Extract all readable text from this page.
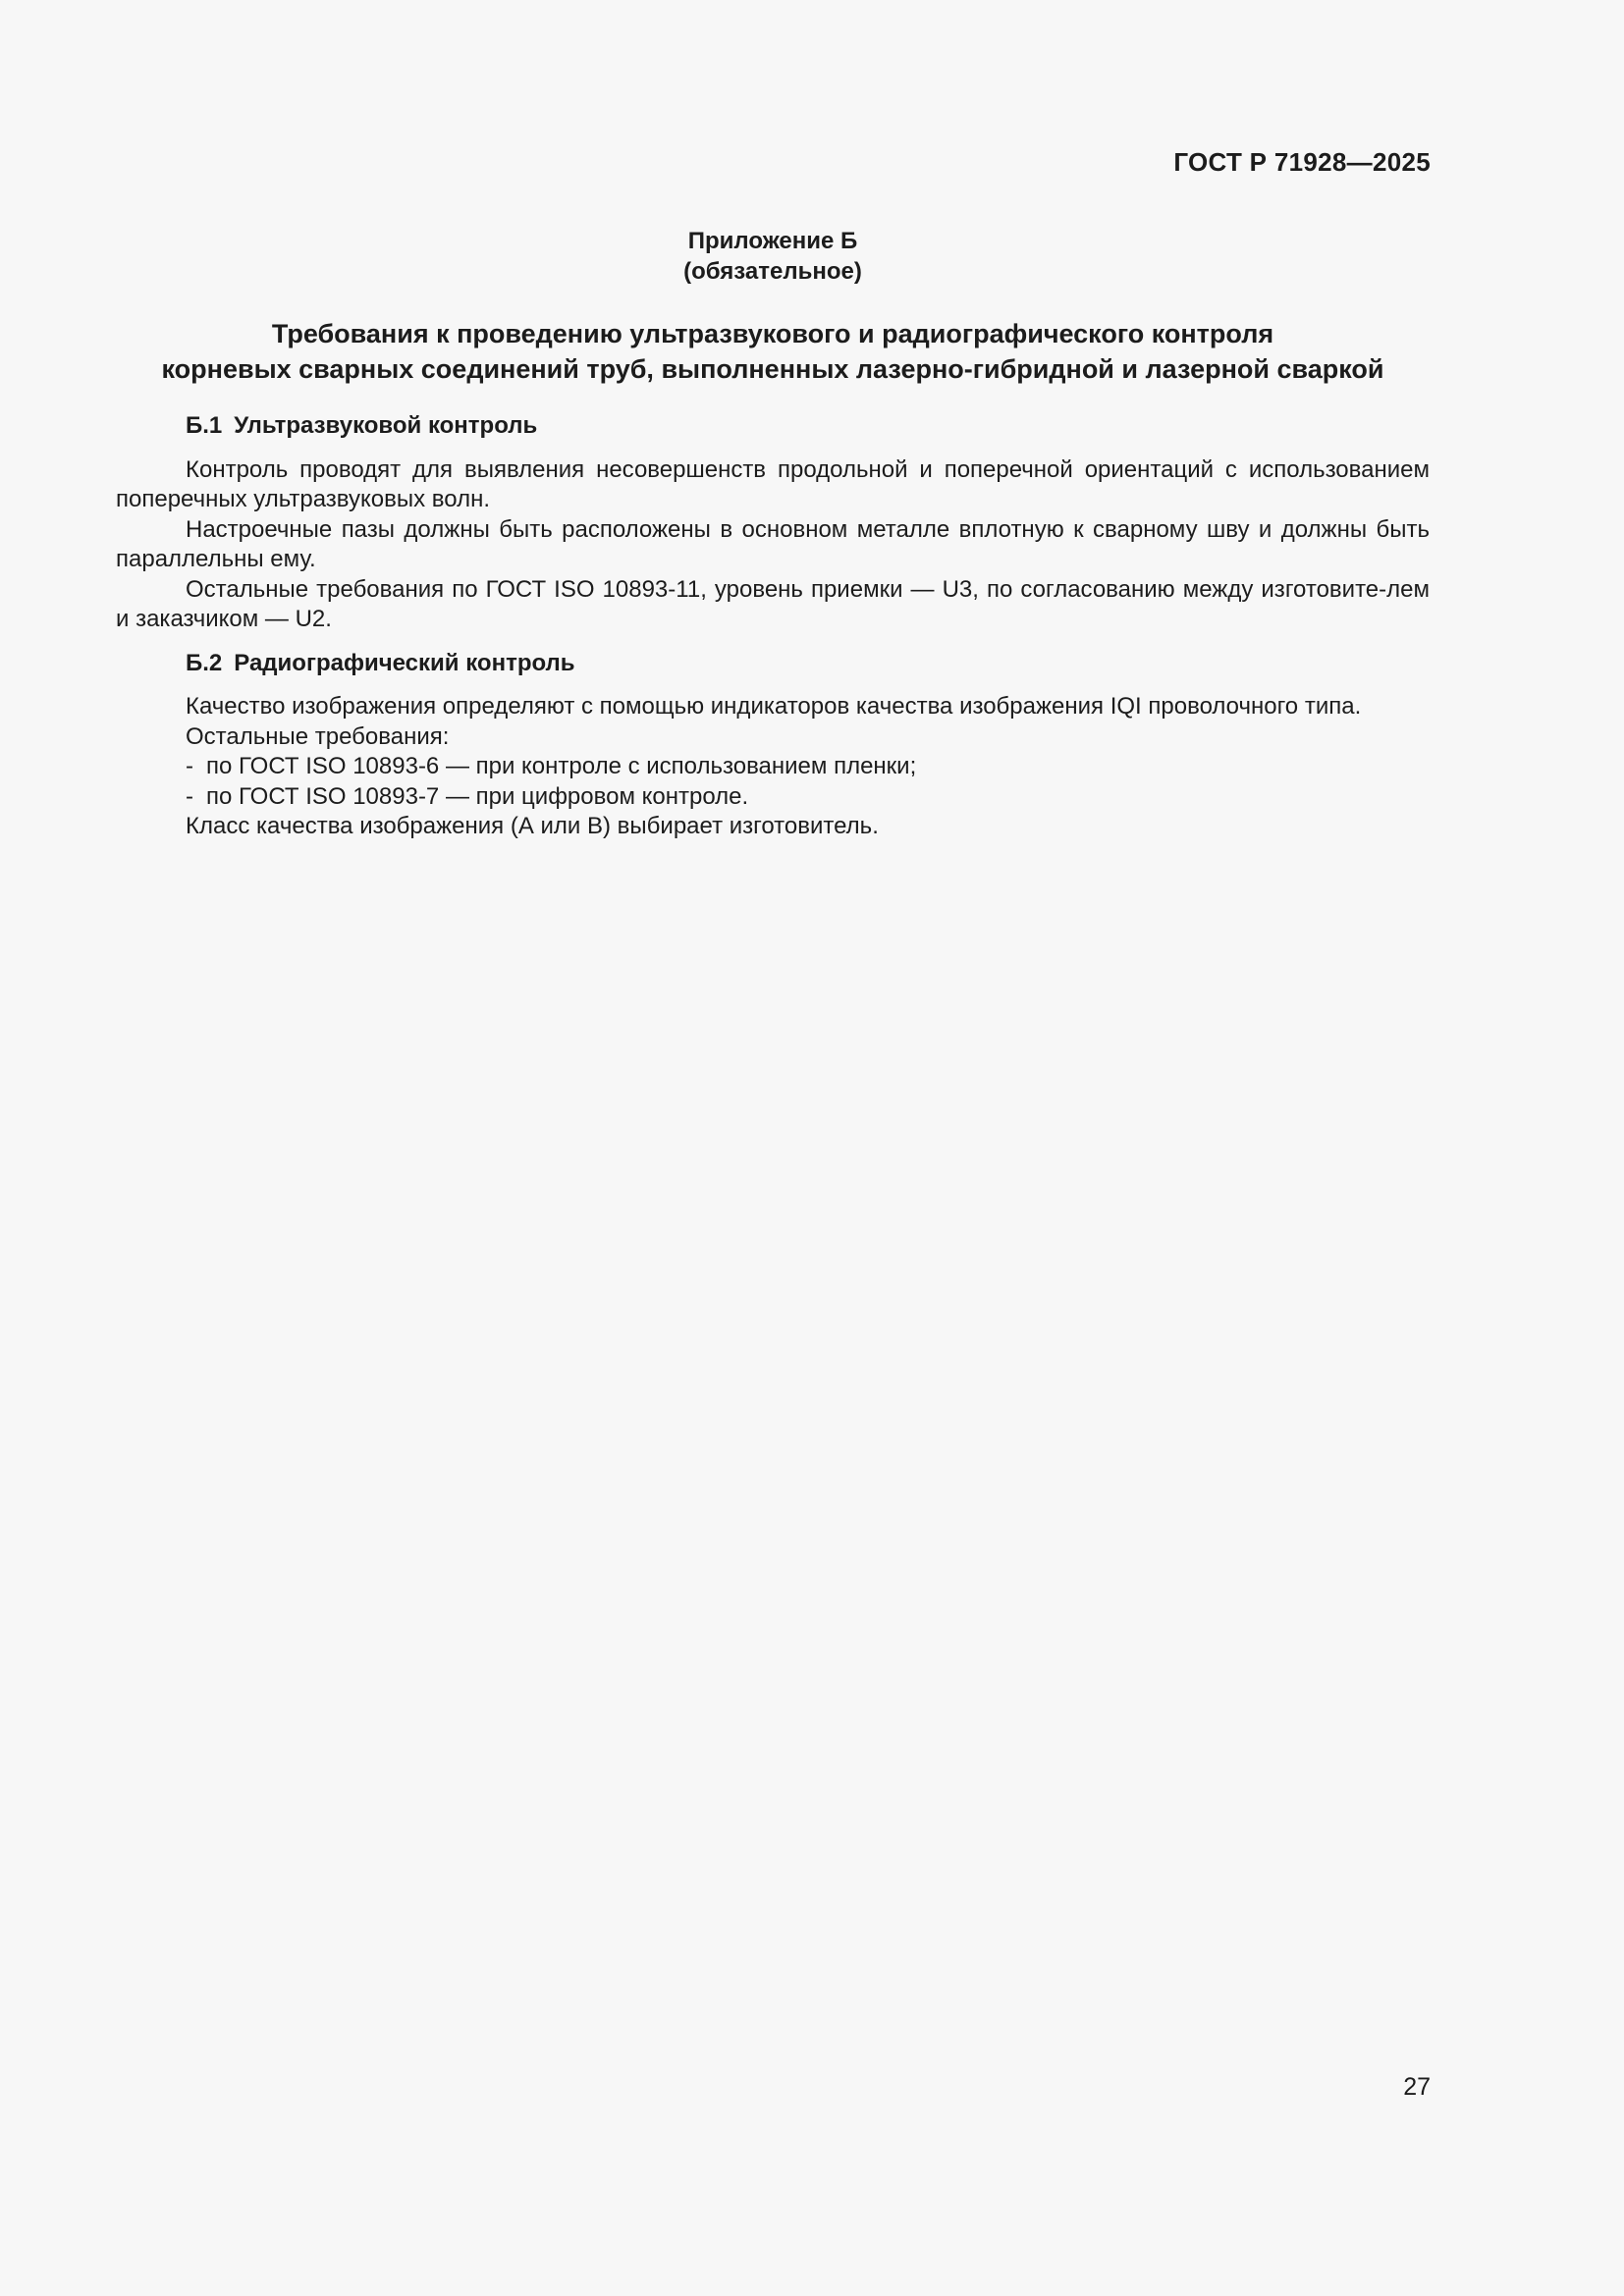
ГОСТ Р 71928—2025
Приложение Б
(обязательное)
Требования к проведению ультразвукового и радиографического контроля
корневых сварных соединений труб, выполненных лазерно-гибридной и лазерной сваркой
Б.1 Ультразвуковой контроль

Контроль проводят для выявления несовершенств продольной и поперечной ориентаций с использованием поперечных ультразвуковых волн.

Настроечные пазы должны быть расположены в основном металле вплотную к сварному шву и должны быть параллельны ему.

Остальные требования по ГОСТ ISO 10893-11, уровень приемки — U3, по согласованию между изготовите-лем и заказчиком — U2.

Б.2 Радиографический контроль

Качество изображения определяют с помощью индикаторов качества изображения IQI проволочного типа.

Остальные требования:

- по ГОСТ ISO 10893-6 — при контроле с использованием пленки;

- по ГОСТ ISO 10893-7 — при цифровом контроле.

Класс качества изображения (А или В) выбирает изготовитель.

27
